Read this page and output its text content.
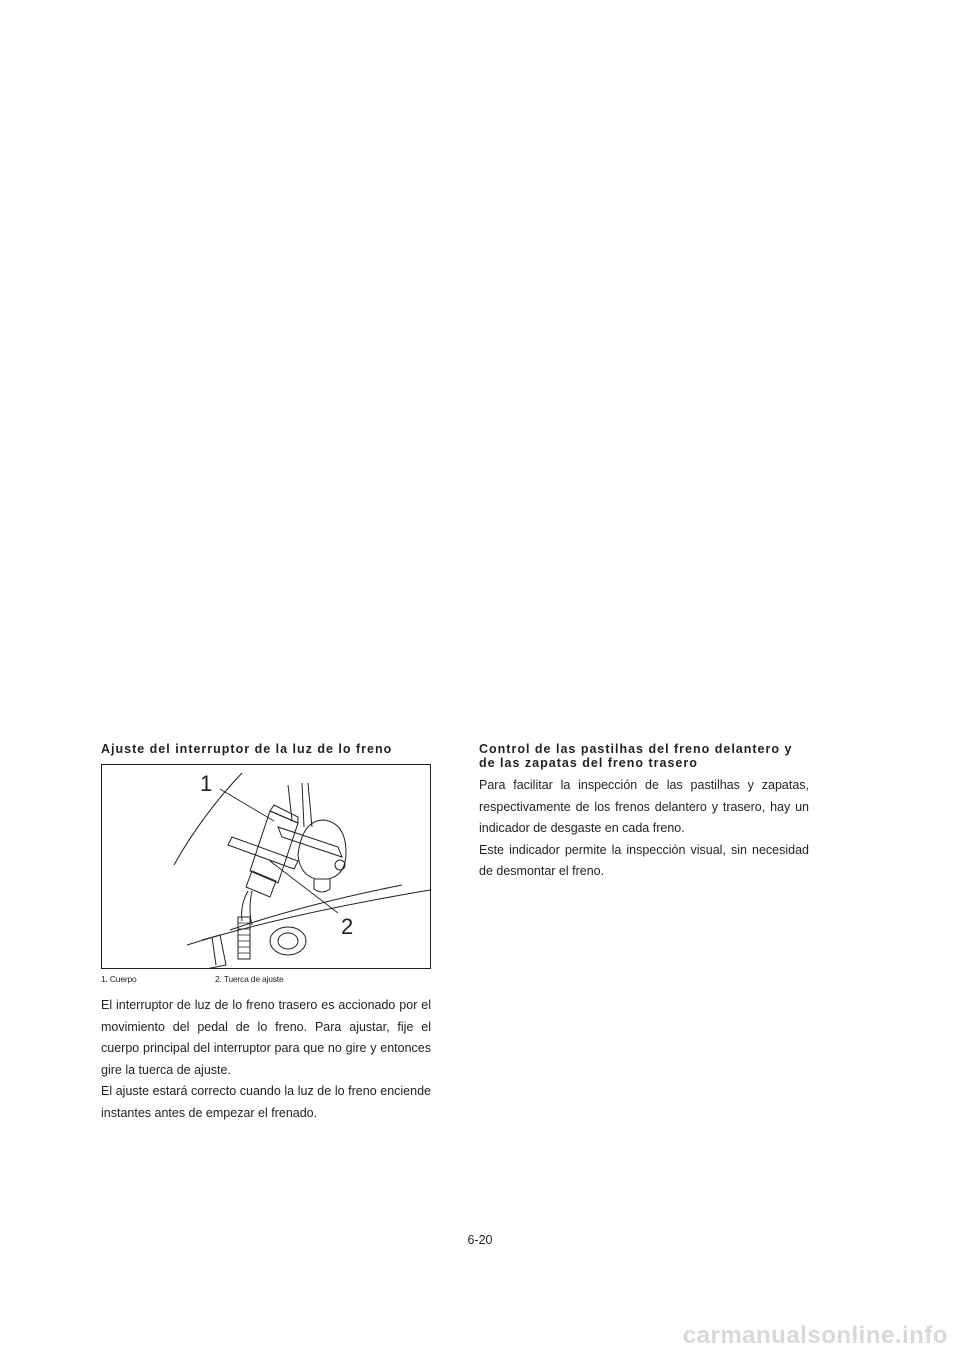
Ajuste del interruptor de la luz de lo freno
1
2
1. Cuerpo	2. Tuerca de ajuste

El interruptor de luz de lo freno trasero es accionado por el movimiento del pedal de lo freno. Para ajustar, fije el cuerpo principal del interruptor para que no gire y entonces gire la tuerca de ajuste.

El ajuste estará correcto cuando la luz de lo freno enciende instantes antes de empezar el frenado.

Control de las pastilhas del freno delantero y de las zapatas del freno trasero

Para facilitar la inspección de las pastilhas y zapatas, respectivamente de los frenos delantero y trasero, hay un indicador de desgaste en cada freno.

Este indicador permite la inspección visual, sin necesidad de desmontar el freno.

6-20
carmanualsonline.info
